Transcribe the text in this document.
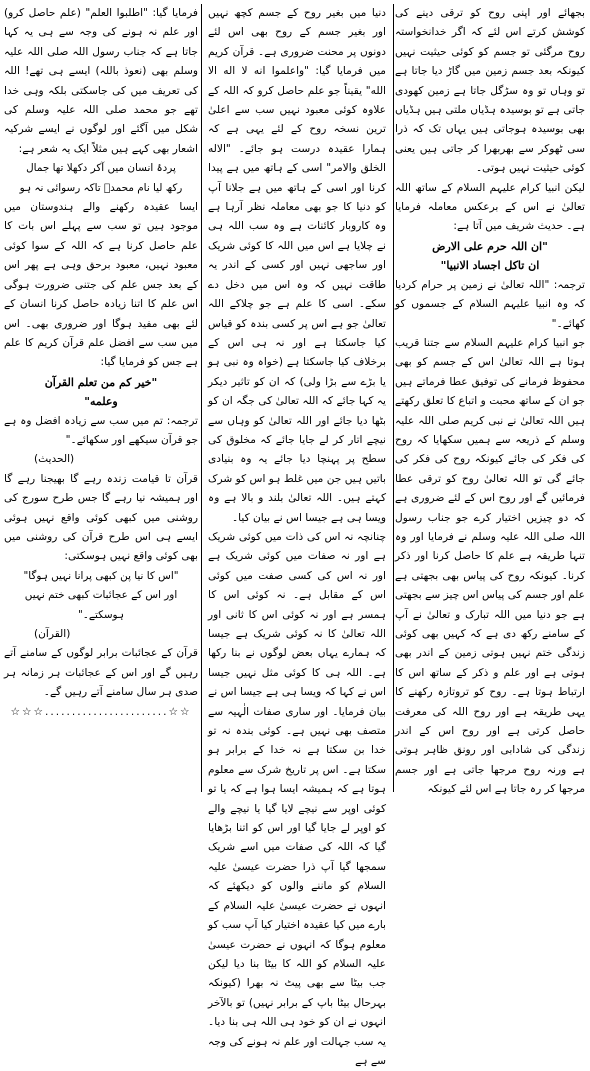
بجھائے اور اپنی روح کو ترقی دینے کی کوشش کرتے اس لئے کہ اگر خدانخواستہ روح مرگئی تو جسم کو کوئی حیثیت نہیں کیونکہ بعد جسم زمین میں گاڑ دیا جاتا ہے تو وہاں تو وہ سڑگل جاتا ہے زمین کھودی جاتی ہے تو بوسیدہ ہڈیاں ملتی ہیں ہڈیاں بھی بوسیدہ ہوجاتی ہیں یہاں تک کہ ذرا سی ٹھوکر سے بھربھرا کر جاتی ہیں یعنی کوئی حیثیت نہیں ہوتی۔

لیکن انبیا کرام علیہم السلام کے ساتھ اللہ تعالیٰ نے اس کے برعکس معاملہ فرمایا ہے۔ حدیث شریف میں آتا ہے:

"ان اللہ حرم علی الارض

ان تاکل اجساد الانبیا"

ترجمہ: "اللہ تعالیٰ نے زمین پر حرام کردیا کہ وہ انبیا علیہم السلام کے جسموں کو کھائے۔"

جو انبیا کرام علیہم السلام سے جتنا قریب ہوتا ہے اللہ تعالیٰ اس کے جسم کو بھی محفوظ فرمانے کی توفیق عطا فرماتے ہیں جو ان کے ساتھ محبت و اتباع کا تعلق رکھتے ہیں اللہ تعالیٰ نے نبی کریم صلی اللہ علیہ وسلم کے ذریعہ سے ہمیں سکھایا کہ روح کی فکر کی جائے کیونکہ روح کی فکر کی جائے گی تو اللہ تعالیٰ روح کو ترقی عطا فرمائیں گے اور روح اس کے لئے ضروری ہے کہ دو چیزیں اختیار کرے جو جناب رسول اللہ صلی اللہ علیہ وسلم نے فرمایا اور وہ تنہا طریقہ ہے علم کا حاصل کرنا اور ذکر کرنا۔ کیونکہ روح کی پیاس بھی بجھتی ہے علم اور جسم کی پیاس اس چیز سے بجھتی ہے جو دنیا میں اللہ تبارک و تعالیٰ نے آپ کے سامنے رکھ دی ہے کہ کہیں بھی کوئی زندگی ختم نہیں ہوتی زمین کے اندر بھی ہوتی ہے اور علم و ذکر کے ساتھ اس کا ارتباط ہوتا ہے۔ روح کو تروتازہ رکھنے کا یہی طریقہ ہے اور روح اللہ کی معرفت حاصل کرتی ہے اور روح اس کے اندر زندگی کی شادابی اور رونق ظاہر ہوتی ہے ورنہ روح مرجھا جاتی ہے اور جسم مرجھا کر رہ جاتا ہے اس لئے کیونکہ

دنیا میں بغیر روح کے جسم کچھ نہیں اور بغیر جسم کے روح بھی اس لئے دونوں پر محنت ضروری ہے۔ قرآن کریم میں فرمایا گیا: "واعلموا انه لا اله الا الله" یقیناً جو علم حاصل کرو کہ اللہ کے علاوہ کوئی معبود نہیں سب سے اعلیٰ ترین نسخہ روح کے لئے یہی ہے کہ ہمارا عقیدہ درست ہو جائے۔ "الاله الخلق والامر" اسی کے ہاتھ میں ہے پیدا کرنا اور اسی کے ہاتھ میں ہے جلانا آپ کو دنیا کا جو بھی معاملہ نظر آرہا ہے وہ کاروبار کائنات ہے وہ سب اللہ ہی نے چلایا ہے اس میں اللہ کا کوئی شریک اور ساجھی نہیں اور کسی کے اندر یہ طاقت نہیں کہ وہ اس میں دخل دے سکے۔ اسی کا علم ہے جو چلاکے اللہ تعالیٰ جو ہے اس پر کسی بندہ کو قیاس کیا جاسکتا ہے اور نہ ہی اس کے برخلاف کیا جاسکتا ہے (خواہ وہ نبی ہو یا بڑے سے بڑا ولی) کہ ان کو تاثیر دیکر یہ کہا جائے کہ اللہ تعالیٰ کی جگہ ان کو بٹھا دیا جائے اور اللہ تعالیٰ کو وہاں سے نیچے اتار کر لے جایا جائے کہ مخلوق کی سطح پر پہنچا دیا جائے یہ وہ بنیادی باتیں ہیں جن میں غلط ہو اس کو شرک کہتے ہیں۔ اللہ تعالیٰ بلند و بالا ہے وہ ویسا ہی ہے جیسا اس نے بیان کیا۔

چنانچہ نہ اس کی ذات میں کوئی شریک ہے اور نہ صفات میں کوئی شریک ہے اور نہ اس کی کسی صفت میں کوئی اس کے مقابل ہے۔ نہ کوئی اس کا ہمسر ہے اور نہ کوئی اس کا ثانی اور اللہ تعالیٰ کا نہ کوئی شریک ہے جیسا کہ ہمارے یہاں بعض لوگوں نے بنا رکھا ہے۔ اللہ ہی کا کوئی مثل نہیں جیسا اس نے کہا کہ ویسا ہی ہے جیسا اس نے بیان فرمایا۔ اور ساری صفات الٰہیہ سے متصف بھی نہیں ہے۔ کوئی بندہ نہ تو خدا بن سکتا ہے نہ خدا کے برابر ہو سکتا ہے۔ اس پر تاریخ شرک سے معلوم ہوتا ہے کہ ہمیشہ ایسا ہوا ہے کہ یا تو کوئی اوپر سے نیچے لایا گیا یا نیچے والے کو اوپر لے جایا گیا اور اس کو اتنا بڑھایا گیا کہ اللہ کی صفات میں اسے شریک سمجھا گیا آپ ذرا حضرت عیسیٰ علیہ السلام کو ماننے والوں کو دیکھئے کہ انہوں نے حضرت عیسیٰ علیہ السلام کے بارے میں کیا عقیدہ اختیار کیا آپ سب کو معلوم ہوگا کہ انہوں نے حضرت عیسیٰ علیہ السلام کو اللہ کا بیٹا بنا دیا لیکن جب بیٹا سے بھی پیٹ نہ بھرا (کیونکہ بہرحال بیٹا باپ کے برابر نہیں) تو بالآخر انہوں نے ان کو خود ہی اللہ ہی بنا دیا۔ یہ سب جہالت اور علم نہ ہونے کی وجہ سے ہے

فرمایا گیا: "اطلبوا العلم" (علم حاصل کرو) اور علم نہ ہونے کی وجہ سے ہی یہ کہا جاتا ہے کہ جناب رسول اللہ صلی اللہ علیہ وسلم بھی (نعوذ باللہ) ایسے ہی تھے! اللہ کی تعریف میں کی جاسکتی بلکہ وہی خدا تھے جو محمد صلی اللہ علیہ وسلم کی شکل میں آگئے اور لوگوں نے ایسے شرکیہ اشعار بھی کہے ہیں مثلاً ایک یہ شعر ہے:

پردۂ انسان میں آکر دکھلا تھا جمال

رکھ لیا نام محمدؐ تاکہ رسوائی نہ ہو

ایسا عقیدہ رکھنے والے ہندوستان میں موجود ہیں تو سب سے پہلے اس بات کا علم حاصل کرنا ہے کہ اللہ کے سوا کوئی معبود نہیں، معبود برحق وہی ہے پھر اس کے بعد جس علم کی جتنی ضرورت ہوگی اس علم کا اتنا زیادہ حاصل کرنا انسان کے لئے بھی مفید ہوگا اور ضروری بھی۔ اس میں سب سے افضل علم قرآن کریم کا علم ہے جس کو فرمایا گیا:

"خیر کم من تعلم القرآن

وعلمه"

ترجمہ: تم میں سب سے زیادہ افضل وہ ہے جو قرآن سیکھے اور سکھائے۔"

(الحدیث)

قرآن تا قیامت زندہ رہے گا بھیجنا رہے گا اور ہمیشہ نیا رہے گا جس طرح سورج کی روشنی میں کبھی کوئی واقع نہیں ہوئی ایسے ہی اس طرح قرآن کی روشنی میں بھی کوئی واقع نہیں ہوسکتی:

"اس کا نیا پن کبھی پرانا نہیں ہوگا"

اور اس کے عجائبات کبھی ختم نہیں ہوسکتے۔"

(القرآن)

قرآن کے عجائبات برابر لوگوں کے سامنے آتے رہیں گے اور اس کے عجائبات ہر زمانہ ہر صدی ہر سال سامنے آتے رہیں گے۔

☆☆.......................☆☆☆
